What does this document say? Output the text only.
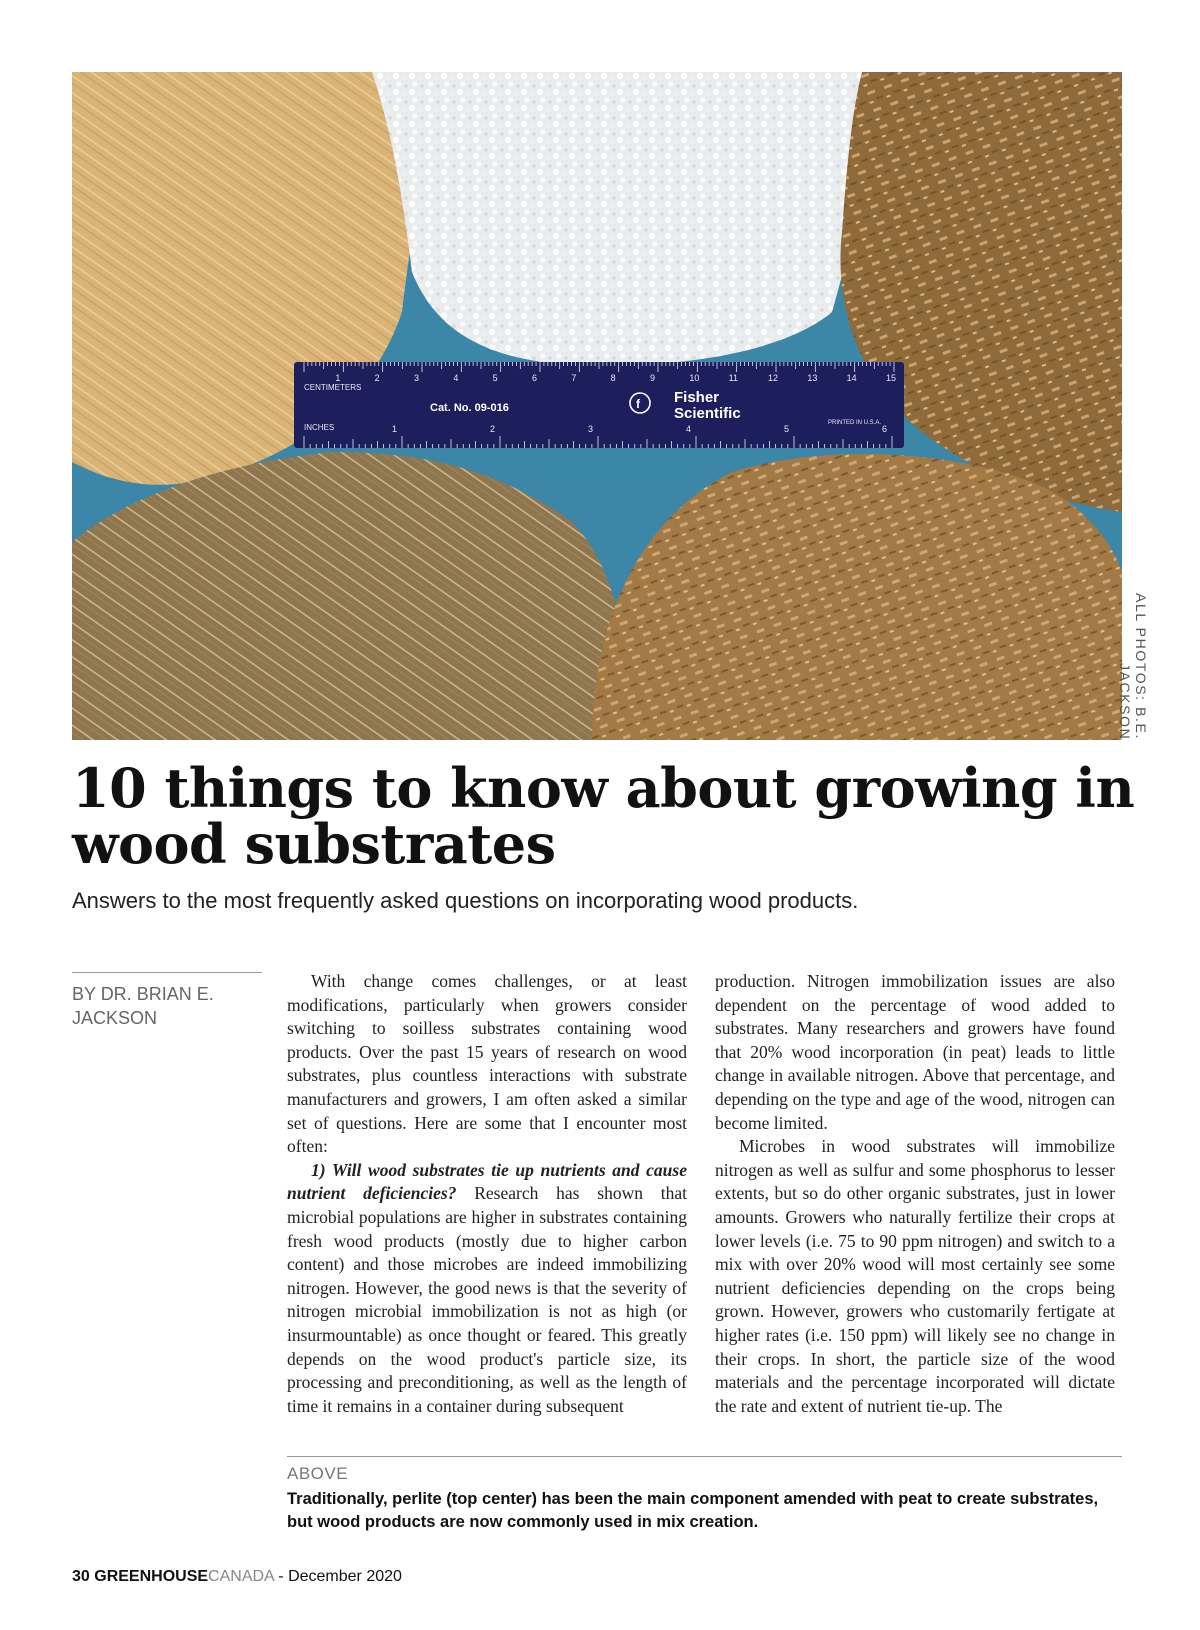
1	2	3	4	5	6	7	8	9	10	11	12	13	14	15
1	2	3	4	5	6
CENTIMETERS
INCHES
Cat. No. 09-016	f Fisher
Scientific
PRINTED IN U.S.A.
ALL PHOTOS: B.E. JACKSON
10 things to know about growing in wood substrates

Answers to the most frequently asked questions on incorporating wood products.

BY DR. BRIAN E. JACKSON

With change comes challenges, or at least modifications, particularly when growers consider switching to soilless substrates containing wood products. Over the past 15 years of research on wood substrates, plus countless interactions with substrate manufacturers and growers, I am often asked a similar set of questions. Here are some that I encounter most often:

1) Will wood substrates tie up nutrients and cause nutrient deficiencies? Research has shown that microbial populations are higher in substrates containing fresh wood products (mostly due to higher carbon content) and those microbes are indeed immobilizing nitrogen. However, the good news is that the severity of nitrogen microbial immobilization is not as high (or insurmountable) as once thought or feared. This greatly depends on the wood product's particle size, its processing and preconditioning, as well as the length of time it remains in a container during subsequent

production. Nitrogen immobilization issues are also dependent on the percentage of wood added to substrates. Many researchers and growers have found that 20% wood incorporation (in peat) leads to little change in available nitrogen. Above that percentage, and depending on the type and age of the wood, nitrogen can become limited.

Microbes in wood substrates will immobilize nitrogen as well as sulfur and some phosphorus to lesser extents, but so do other organic substrates, just in lower amounts. Growers who naturally fertilize their crops at lower levels (i.e. 75 to 90 ppm nitrogen) and switch to a mix with over 20% wood will most certainly see some nutrient deficiencies depending on the crops being grown. However, growers who customarily fertigate at higher rates (i.e. 150 ppm) will likely see no change in their crops. In short, the particle size of the wood materials and the percentage incorporated will dictate the rate and extent of nutrient tie-up. The

ABOVE
Traditionally, perlite (top center) has been the main component amended with peat to create substrates, but wood products are now commonly used in mix creation.
30 GREENHOUSECANADA - December 2020
